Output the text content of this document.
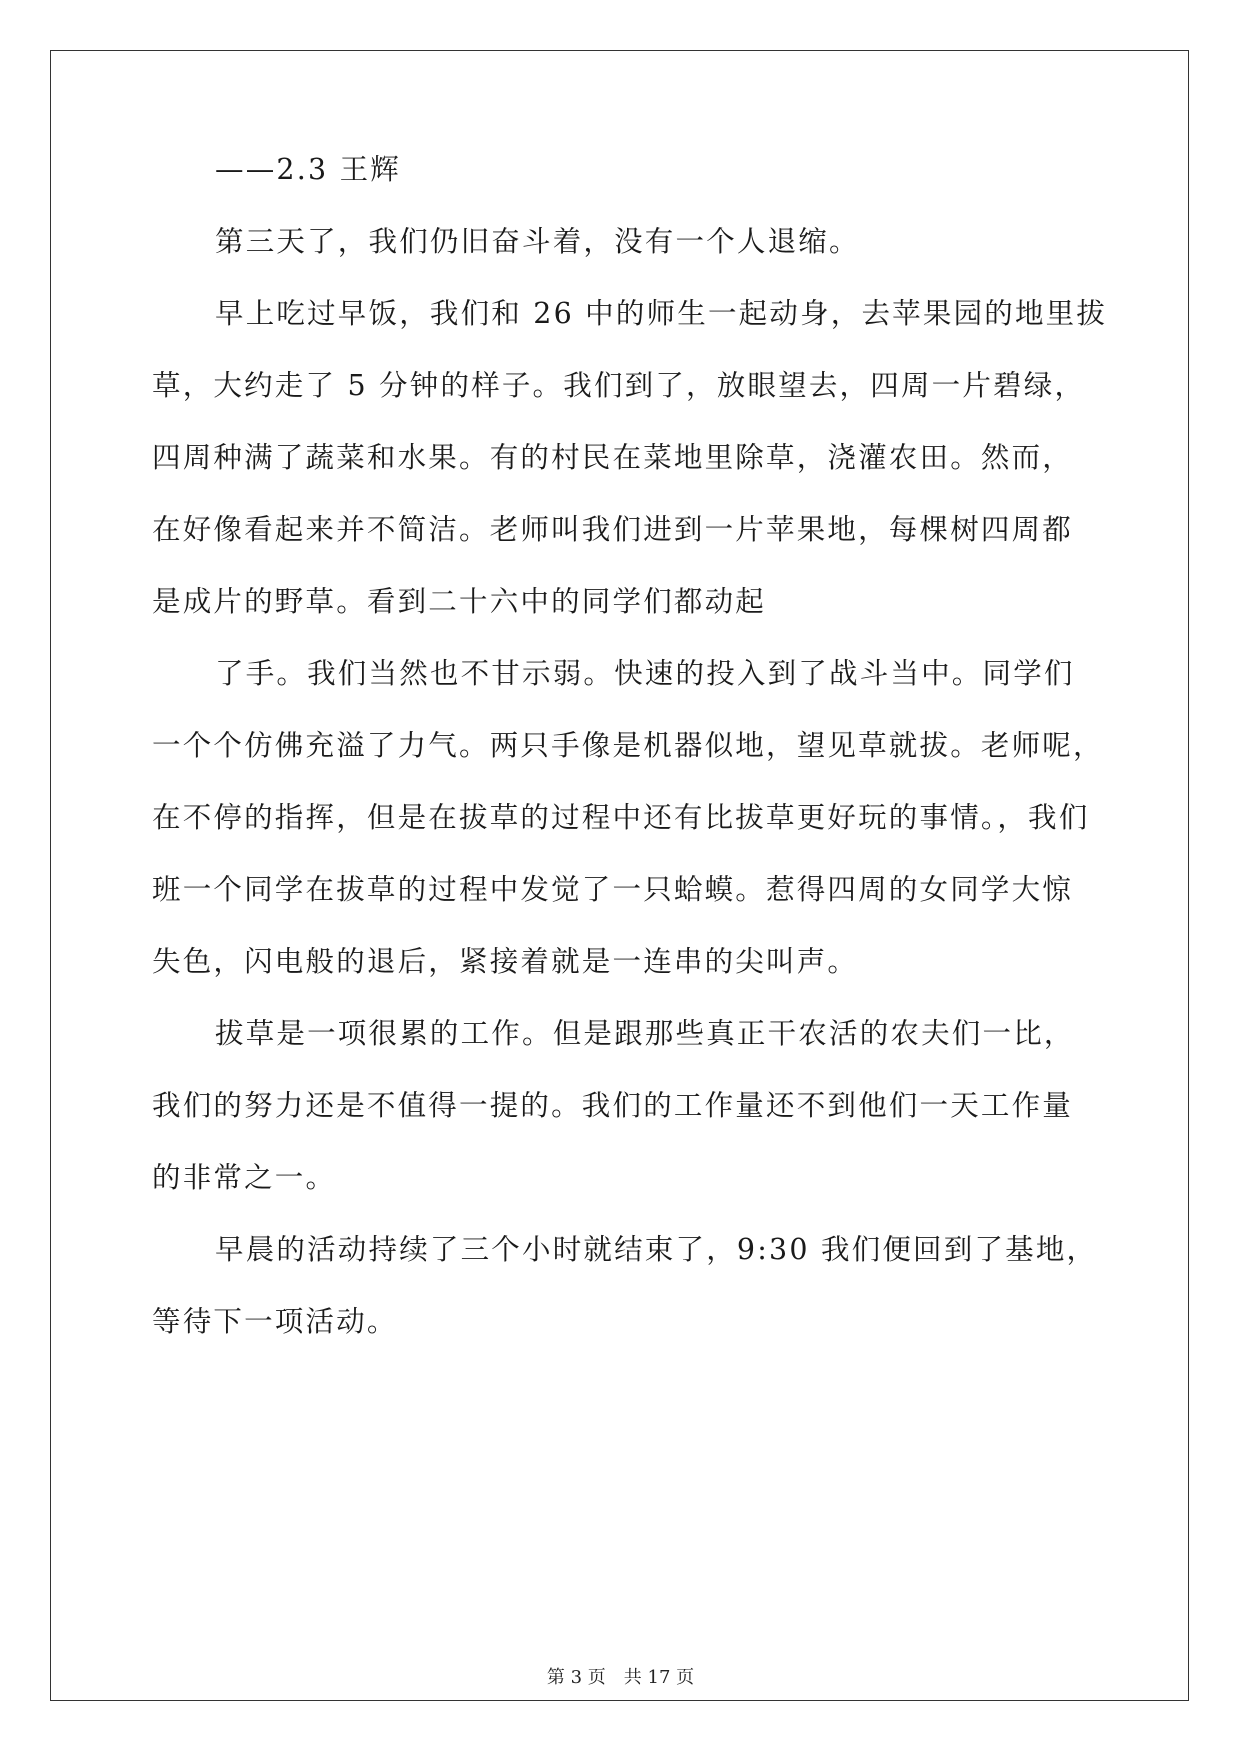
——2.3 王辉
第三天了，我们仍旧奋斗着，没有一个人退缩。
早上吃过早饭，我们和 26 中的师生一起动身，去苹果园的地里拔
草，大约走了 5 分钟的样子。我们到了，放眼望去，四周一片碧绿，
四周种满了蔬菜和水果。有的村民在菜地里除草，浇灌农田。然而，
在好像看起来并不简洁。老师叫我们进到一片苹果地，每棵树四周都
是成片的野草。看到二十六中的同学们都动起
了手。我们当然也不甘示弱。快速的投入到了战斗当中。同学们
一个个仿佛充溢了力气。两只手像是机器似地，望见草就拔。老师呢，
在不停的指挥，但是在拔草的过程中还有比拔草更好玩的事情。，我们
班一个同学在拔草的过程中发觉了一只蛤蟆。惹得四周的女同学大惊
失色，闪电般的退后，紧接着就是一连串的尖叫声。
拔草是一项很累的工作。但是跟那些真正干农活的农夫们一比，
我们的努力还是不值得一提的。我们的工作量还不到他们一天工作量
的非常之一。
早晨的活动持续了三个小时就结束了，9:30 我们便回到了基地，
等待下一项活动。
第 3 页 共 17 页
